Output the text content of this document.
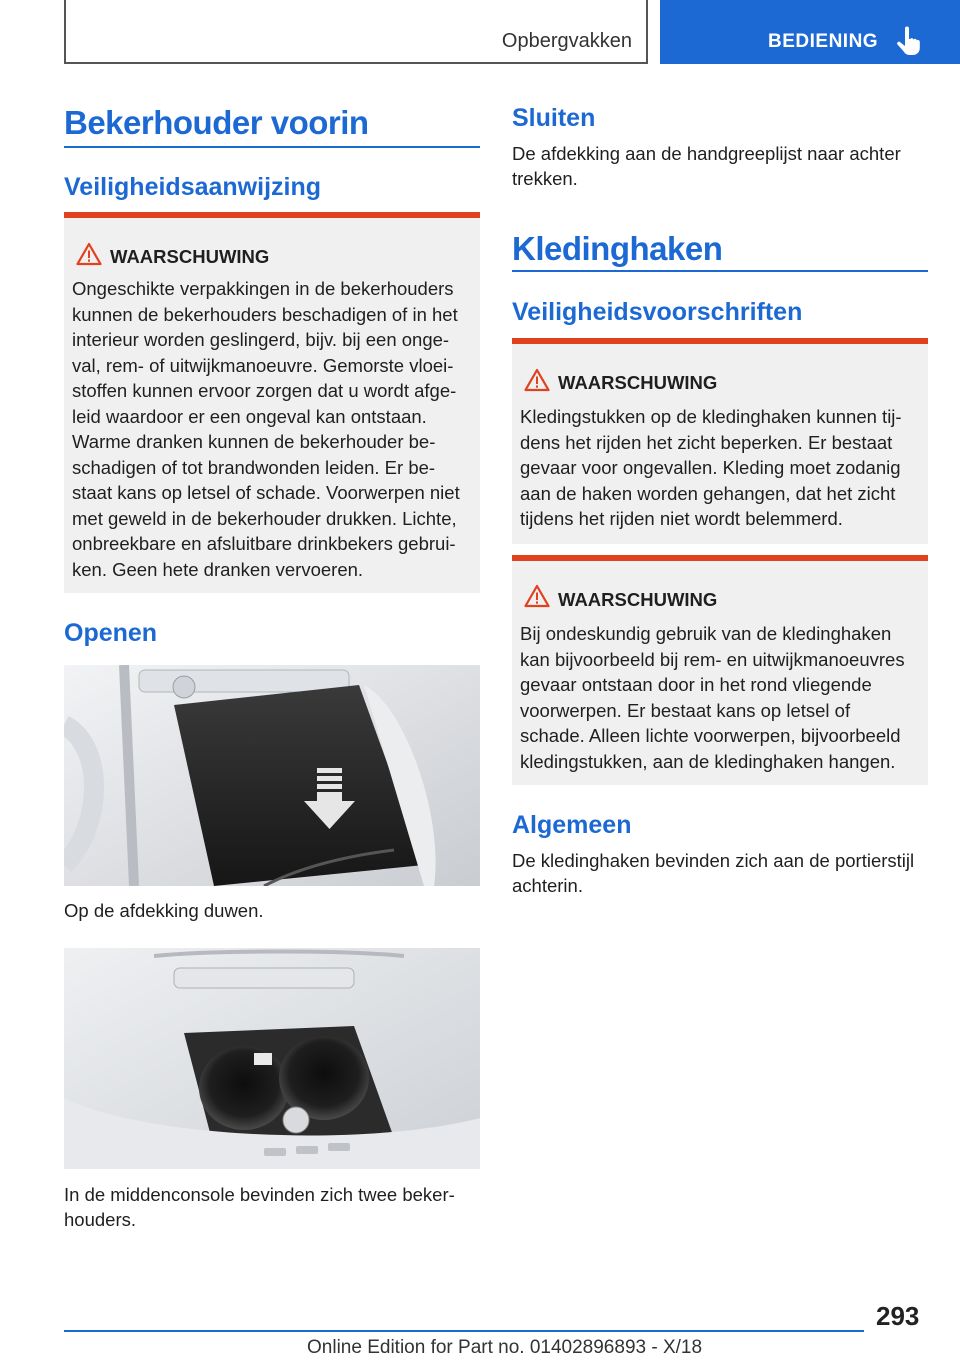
Opbergvakken	BEDIENING
Bekerhouder voorin
Veiligheidsaanwijzing
WAARSCHUWING
Ongeschikte verpakkingen in de bekerhouders
kunnen de bekerhouders beschadigen of in het
interieur worden geslingerd, bijv. bij een onge-
val, rem- of uitwijkmanoeuvre. Gemorste vloei-
stoffen kunnen ervoor zorgen dat u wordt afge-
leid waardoor er een ongeval kan ontstaan.
Warme dranken kunnen de bekerhouder be-
schadigen of tot brandwonden leiden. Er be-
staat kans op letsel of schade. Voorwerpen niet
met geweld in de bekerhouder drukken. Lichte,
onbreekbare en afsluitbare drinkbekers gebrui-
ken. Geen hete dranken vervoeren.
Openen
Op de afdekking duwen.
In de middenconsole bevinden zich twee beker-
houders.
Sluiten
De afdekking aan de handgreeplijst naar achter
trekken.
Kledinghaken
Veiligheidsvoorschriften
WAARSCHUWING
Kledingstukken op de kledinghaken kunnen tij-
dens het rijden het zicht beperken. Er bestaat
gevaar voor ongevallen. Kleding moet zodanig
aan de haken worden gehangen, dat het zicht
tijdens het rijden niet wordt belemmerd.
WAARSCHUWING
Bij ondeskundig gebruik van de kledinghaken
kan bijvoorbeeld bij rem- en uitwijkmanoeuvres
gevaar ontstaan door in het rond vliegende
voorwerpen. Er bestaat kans op letsel of
schade. Alleen lichte voorwerpen, bijvoorbeeld
kledingstukken, aan de kledinghaken hangen.
Algemeen
De kledinghaken bevinden zich aan de portierstijl
achterin.
293
Online Edition for Part no. 01402896893 - X/18
